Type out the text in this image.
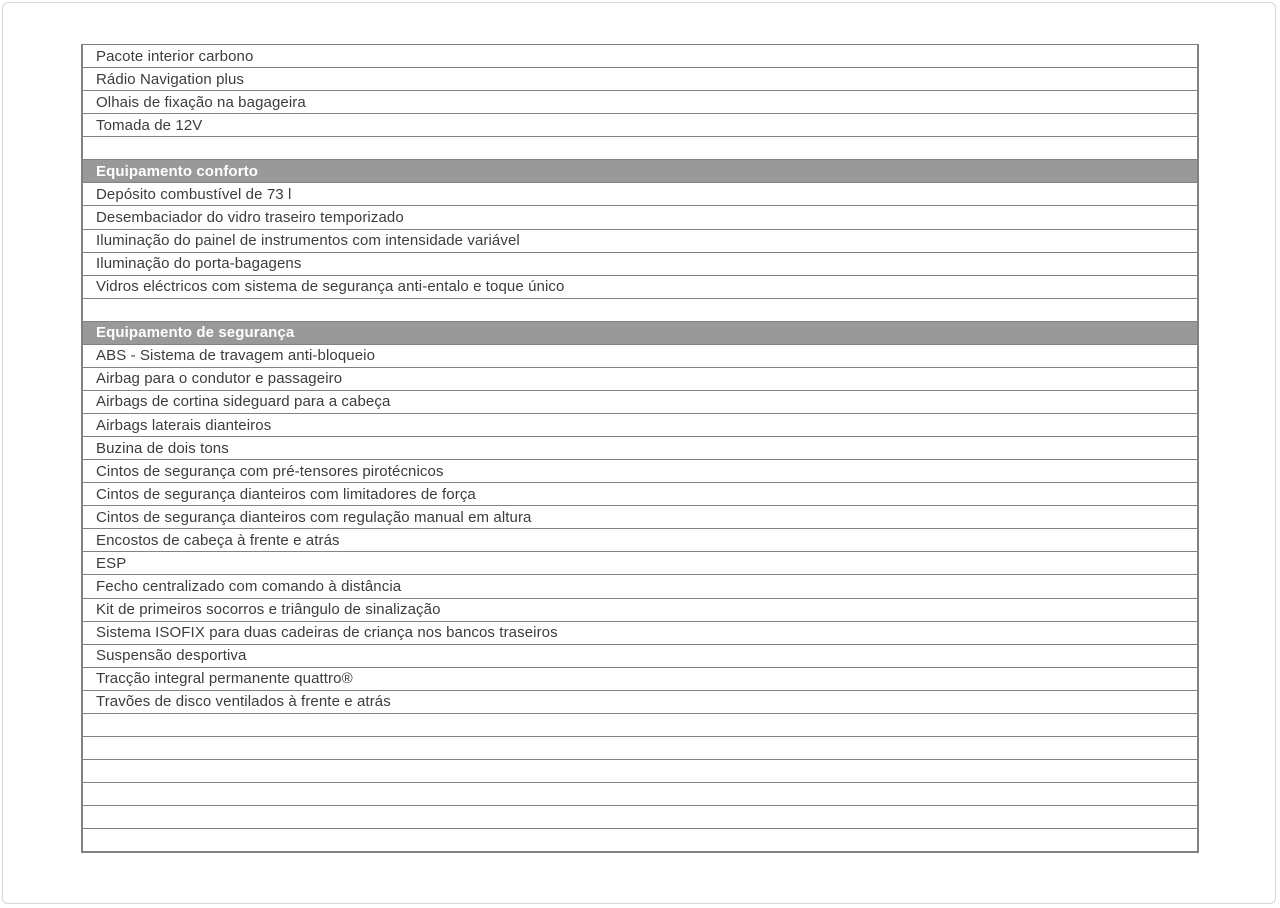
Pacote interior carbono
Rádio Navigation plus
Olhais de fixação na bagageira
Tomada de 12V
Equipamento conforto
Depósito combustível de 73 l
Desembaciador do vidro traseiro temporizado
Iluminação do painel de instrumentos com intensidade variável
Iluminação do porta-bagagens
Vidros eléctricos com sistema de segurança anti-entalo e toque único
Equipamento de segurança
ABS - Sistema de travagem anti-bloqueio
Airbag para o condutor e passageiro
Airbags de cortina sideguard para a cabeça
Airbags laterais dianteiros
Buzina de dois tons
Cintos de segurança com pré-tensores pirotécnicos
Cintos de segurança dianteiros com limitadores de força
Cintos de segurança dianteiros com regulação manual em altura
Encostos de cabeça à frente e atrás
ESP
Fecho centralizado com comando à distância
Kit de primeiros socorros e triângulo de sinalização
Sistema ISOFIX para duas cadeiras de criança nos bancos traseiros
Suspensão desportiva
Tracção integral permanente quattro®
Travões de disco ventilados à frente e atrás
